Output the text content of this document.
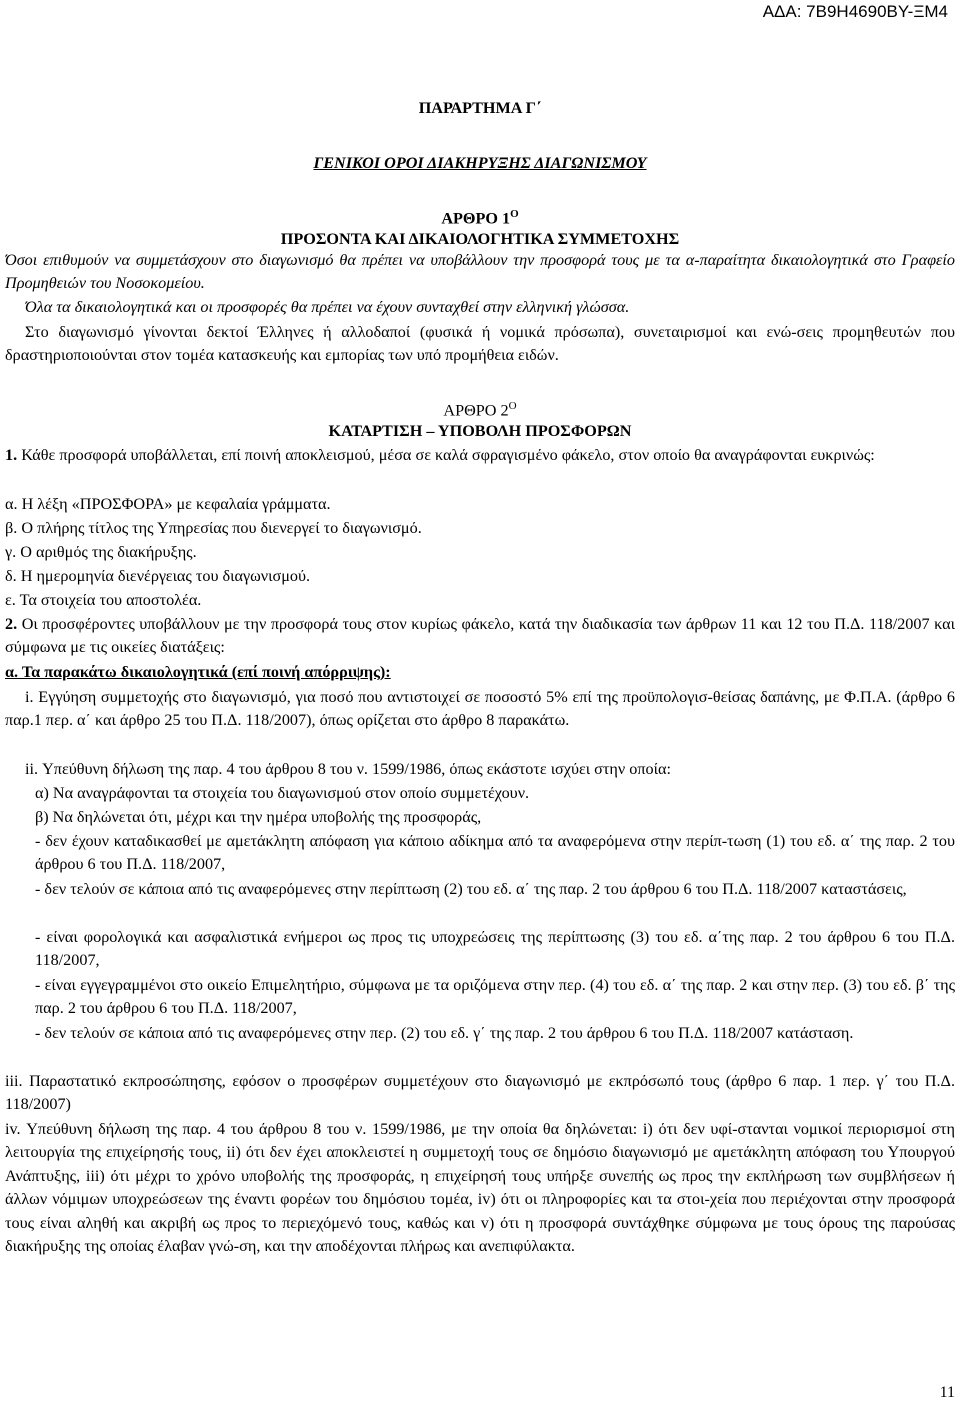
ΑΔΑ: 7Β9Η4690ΒΥ-ΞΜ4
ΠΑΡΑΡΤΗΜΑ Γ΄
ΓΕΝΙΚΟΙ ΟΡΟΙ ΔΙΑΚΗΡΥΞΗΣ ΔΙΑΓΩΝΙΣΜΟΥ
ΑΡΘΡΟ $1^O$
ΠΡΟΣΟΝΤΑ ΚΑΙ ΔΙΚΑΙΟΛΟΓΗΤΙΚΑ ΣΥΜΜΕΤΟΧΗΣ
Όσοι επιθυμούν να συμμετάσχουν στο διαγωνισμό θα πρέπει να υποβάλλουν την προσφορά τους με τα α-παραίτητα δικαιολογητικά στο Γραφείο Προμηθειών του Νοσοκομείου.
Όλα τα δικαιολογητικά και οι προσφορές θα πρέπει να έχουν συνταχθεί στην ελληνική γλώσσα.
Στο διαγωνισμό γίνονται δεκτοί Έλληνες ή αλλοδαποί (φυσικά ή νομικά πρόσωπα), συνεταιρισμοί και ενώ-σεις προμηθευτών που δραστηριοποιούνται στον τομέα κατασκευής και εμπορίας των υπό προμήθεια ειδών.
ΑΡΘΡΟ $2^O$
ΚΑΤΑΡΤΙΣΗ – ΥΠΟΒΟΛΗ ΠΡΟΣΦΟΡΩΝ
1. Κάθε προσφορά υποβάλλεται, επί ποινή αποκλεισμού, μέσα σε καλά σφραγισμένο φάκελο, στον οποίο θα αναγράφονται ευκρινώς:
α. Η λέξη «ΠΡΟΣΦΟΡΑ» με κεφαλαία γράμματα.
β. Ο πλήρης τίτλος της Υπηρεσίας που διενεργεί το διαγωνισμό.
γ. Ο αριθμός της διακήρυξης.
δ. Η ημερομηνία διενέργειας του διαγωνισμού.
ε. Τα στοιχεία του αποστολέα.
2. Οι προσφέροντες υποβάλλουν με την προσφορά τους στον κυρίως φάκελο, κατά την διαδικασία των άρθρων 11 και 12 του Π.Δ. 118/2007 και σύμφωνα με τις οικείες διατάξεις:
α. Τα παρακάτω δικαιολογητικά (επί ποινή απόρριψης):
i. Εγγύηση συμμετοχής στο διαγωνισμό, για ποσό που αντιστοιχεί σε ποσοστό 5% επί της προϋπολογισ-θείσας δαπάνης, με Φ.Π.Α. (άρθρο 6 παρ.1 περ. α΄ και άρθρο 25 του Π.Δ. 118/2007), όπως ορίζεται στο άρθρο 8 παρακάτω.
ii. Υπεύθυνη δήλωση της παρ. 4 του άρθρου 8 του ν. 1599/1986, όπως εκάστοτε ισχύει στην οποία:
α) Να αναγράφονται τα στοιχεία του διαγωνισμού στον οποίο συμμετέχουν.
β) Να δηλώνεται ότι, μέχρι και την ημέρα υποβολής της προσφοράς,
- δεν έχουν καταδικασθεί με αμετάκλητη απόφαση για κάποιο αδίκημα από τα αναφερόμενα στην περίπ-τωση (1) του εδ. α΄ της παρ. 2 του άρθρου 6 του Π.Δ. 118/2007,
- δεν τελούν σε κάποια από τις αναφερόμενες στην περίπτωση (2) του εδ. α΄ της παρ. 2 του άρθρου 6 του Π.Δ. 118/2007 καταστάσεις,
- είναι φορολογικά και ασφαλιστικά ενήμεροι ως προς τις υποχρεώσεις της περίπτωσης (3) του εδ. α΄της παρ. 2 του άρθρου 6 του Π.Δ. 118/2007,
- είναι εγγεγραμμένοι στο οικείο Επιμελητήριο, σύμφωνα με τα οριζόμενα στην περ. (4) του εδ. α΄ της παρ. 2 και στην περ. (3) του εδ. β΄ της παρ. 2 του άρθρου 6 του Π.Δ. 118/2007,
- δεν τελούν σε κάποια από τις αναφερόμενες στην περ. (2) του εδ. γ΄ της παρ. 2 του άρθρου 6 του Π.Δ. 118/2007 κατάσταση.
iii. Παραστατικό εκπροσώπησης, εφόσον ο προσφέρων συμμετέχουν στο διαγωνισμό με εκπρόσωπό τους (άρθρο 6 παρ. 1 περ. γ΄ του Π.Δ. 118/2007)
iv. Υπεύθυνη δήλωση της παρ. 4 του άρθρου 8 του ν. 1599/1986, με την οποία θα δηλώνεται: i) ότι δεν υφί-στανται νομικοί περιορισμοί στη λειτουργία της επιχείρησής τους, ii) ότι δεν έχει αποκλειστεί η συμμετοχή τους σε δημόσιο διαγωνισμό με αμετάκλητη απόφαση του Υπουργού Ανάπτυξης, iii) ότι μέχρι το χρόνο υποβολής της προσφοράς, η επιχείρησή τους υπήρξε συνεπής ως προς την εκπλήρωση των συμβλήσεων ή άλλων νόμιμων υποχρεώσεων της έναντι φορέων του δημόσιου τομέα, iv) ότι οι πληροφορίες και τα στοι-χεία που περιέχονται στην προσφορά τους είναι αληθή και ακριβή ως προς το περιεχόμενό τους, καθώς και v) ότι η προσφορά συντάχθηκε σύμφωνα με τους όρους της παρούσας διακήρυξης της οποίας έλαβαν γνώ-ση, και την αποδέχονται πλήρως και ανεπιφύλακτα.
11
